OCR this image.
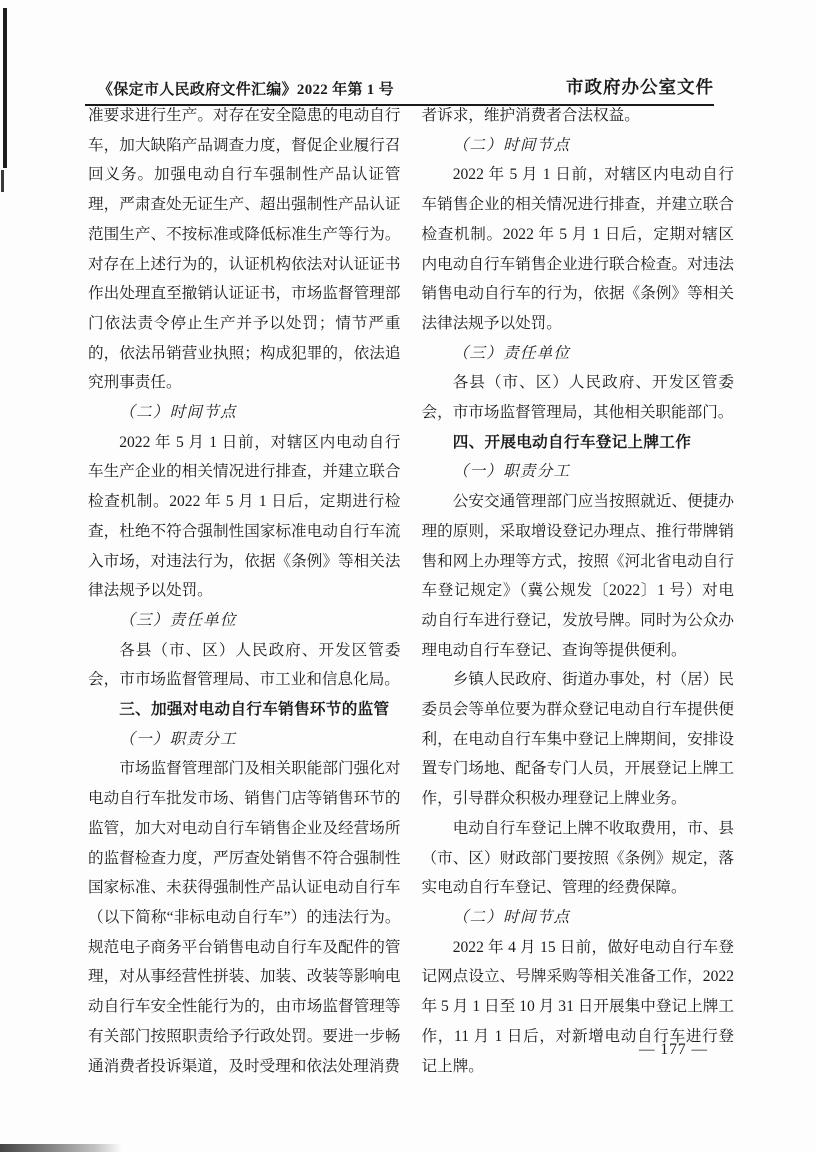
《保定市人民政府文件汇编》2022 年第 1 号	市政府办公室文件

准要求进行生产。对存在安全隐患的电动自行车，加大缺陷产品调查力度，督促企业履行召回义务。加强电动自行车强制性产品认证管理，严肃查处无证生产、超出强制性产品认证范围生产、不按标准或降低标准生产等行为。对存在上述行为的，认证机构依法对认证证书作出处理直至撤销认证证书，市场监督管理部门依法责令停止生产并予以处罚；情节严重的，依法吊销营业执照；构成犯罪的，依法追究刑事责任。

（二）时间节点

2022 年 5 月 1 日前，对辖区内电动自行车生产企业的相关情况进行排查，并建立联合检查机制。2022 年 5 月 1 日后，定期进行检查，杜绝不符合强制性国家标准电动自行车流入市场，对违法行为，依据《条例》等相关法律法规予以处罚。

（三）责任单位

各县（市、区）人民政府、开发区管委会，市市场监督管理局、市工业和信息化局。

三、加强对电动自行车销售环节的监管

（一）职责分工

市场监督管理部门及相关职能部门强化对电动自行车批发市场、销售门店等销售环节的监管，加大对电动自行车销售企业及经营场所的监督检查力度，严厉查处销售不符合强制性国家标准、未获得强制性产品认证电动自行车（以下简称“非标电动自行车”）的违法行为。规范电子商务平台销售电动自行车及配件的管理，对从事经营性拼装、加装、改装等影响电动自行车安全性能行为的，由市场监督管理等有关部门按照职责给予行政处罚。要进一步畅通消费者投诉渠道，及时受理和依法处理消费

者诉求，维护消费者合法权益。

（二）时间节点

2022 年 5 月 1 日前，对辖区内电动自行车销售企业的相关情况进行排查，并建立联合检查机制。2022 年 5 月 1 日后，定期对辖区内电动自行车销售企业进行联合检查。对违法销售电动自行车的行为，依据《条例》等相关法律法规予以处罚。

（三）责任单位

各县（市、区）人民政府、开发区管委会，市市场监督管理局，其他相关职能部门。

四、开展电动自行车登记上牌工作

（一）职责分工

公安交通管理部门应当按照就近、便捷办理的原则，采取增设登记办理点、推行带牌销售和网上办理等方式，按照《河北省电动自行车登记规定》（冀公规发〔2022〕1 号）对电动自行车进行登记，发放号牌。同时为公众办理电动自行车登记、查询等提供便利。

乡镇人民政府、街道办事处，村（居）民委员会等单位要为群众登记电动自行车提供便利，在电动自行车集中登记上牌期间，安排设置专门场地、配备专门人员，开展登记上牌工作，引导群众积极办理登记上牌业务。

电动自行车登记上牌不收取费用，市、县（市、区）财政部门要按照《条例》规定，落实电动自行车登记、管理的经费保障。

（二）时间节点

2022 年 4 月 15 日前，做好电动自行车登记网点设立、号牌采购等相关准备工作，2022 年 5 月 1 日至 10 月 31 日开展集中登记上牌工作，11 月 1 日后，对新增电动自行车进行登记上牌。

— 177 —
